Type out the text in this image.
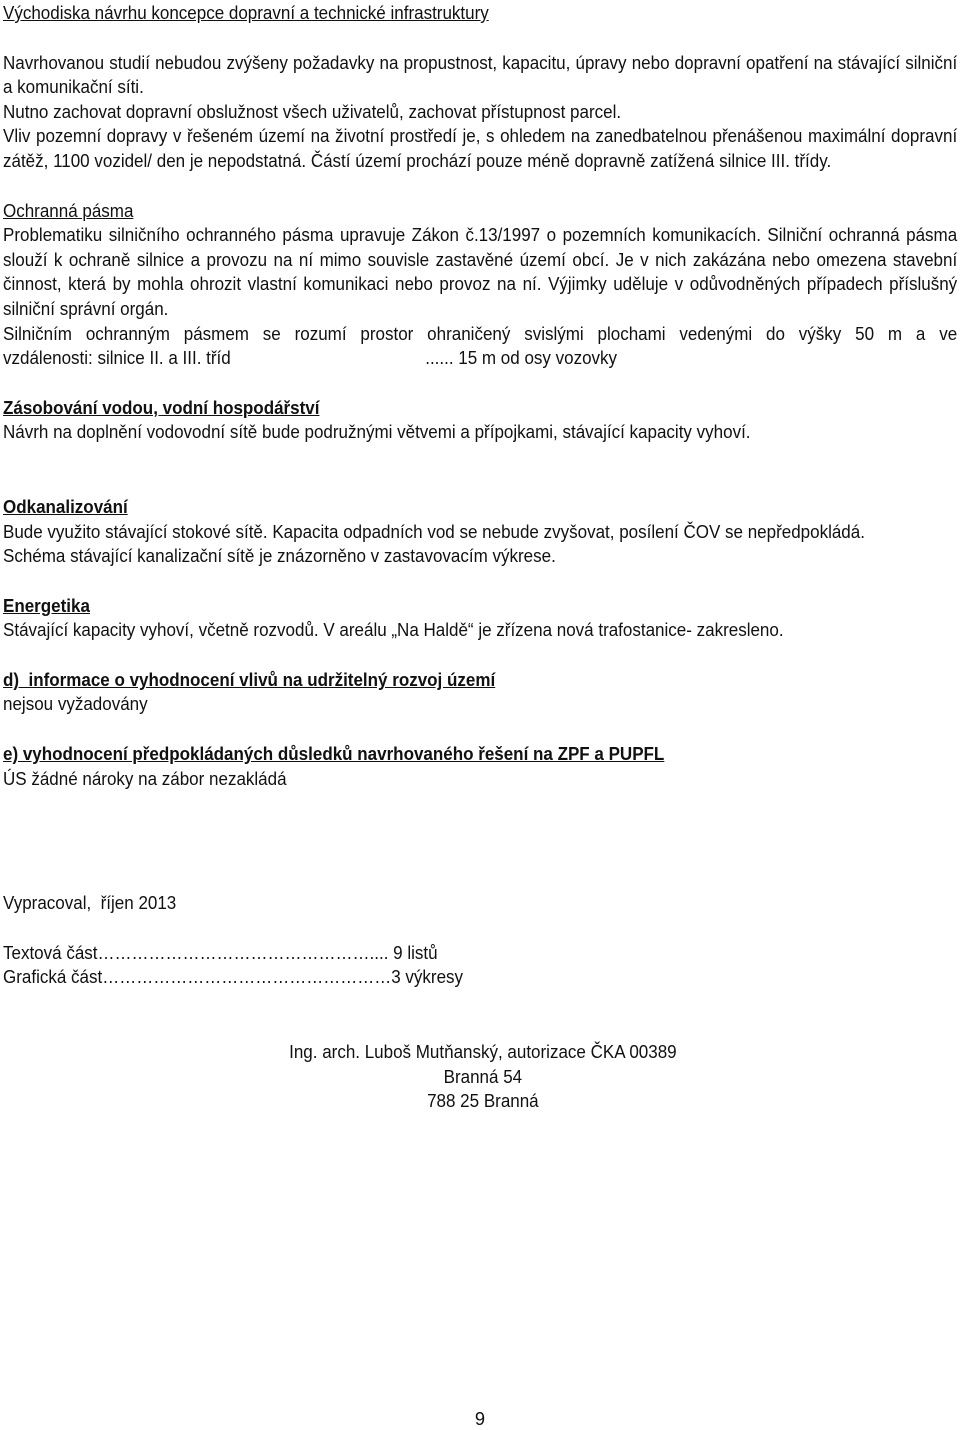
Východiska návrhu koncepce dopravní a technické infrastruktury

Navrhovanou studií nebudou zvýšeny požadavky na propustnost, kapacitu, úpravy nebo dopravní opatření na stávající silniční a komunikační síti.

Nutno zachovat dopravní obslužnost všech uživatelů, zachovat přístupnost parcel.

Vliv pozemní dopravy v řešeném území na životní prostředí je, s ohledem na zanedbatelnou přenášenou maximální dopravní zátěž, 1100 vozidel/ den je nepodstatná. Částí území prochází pouze méně dopravně zatížená silnice III. třídy.

Ochranná pásma

Problematiku silničního ochranného pásma upravuje Zákon č.13/1997 o pozemních komunikacích. Silniční ochranná pásma slouží k ochraně silnice a provozu na ní mimo souvisle zastavěné území obcí. Je v nich zakázána nebo omezena stavební činnost, která by mohla ohrozit vlastní komunikaci nebo provoz na ní. Výjimky uděluje v odůvodněných případech příslušný silniční správní orgán.

Silničním ochranným pásmem se rozumí prostor ohraničený svislými plochami vedenými do výšky 50 m a ve

vzdálenosti: silnice II. a III. tříd	...... 15 m od osy vozovky

Zásobování vodou, vodní hospodářství

Návrh na doplnění vodovodní sítě bude podružnými větvemi a přípojkami, stávající kapacity vyhoví.

Odkanalizování

Bude využito stávající stokové sítě. Kapacita odpadních vod se nebude zvyšovat, posílení ČOV se nepředpokládá.

Schéma stávající kanalizační sítě je znázorněno v zastavovacím výkrese.

Energetika

Stávající kapacity vyhoví, včetně rozvodů. V areálu „Na Haldě“ je zřízena nová trafostanice- zakresleno.

d)  informace o vyhodnocení vlivů na udržitelný rozvoj území

nejsou vyžadovány

e) vyhodnocení předpokládaných důsledků navrhovaného řešení na ZPF a PUPFL

ÚS žádné nároky na zábor nezakládá

Vypracoval,  říjen 2013

Textová část………………………………………….... 9 listů

Grafická část……………………………………………3 výkresy

Ing. arch. Luboš Mutňanský, autorizace ČKA 00389

Branná 54

788 25 Branná

9
